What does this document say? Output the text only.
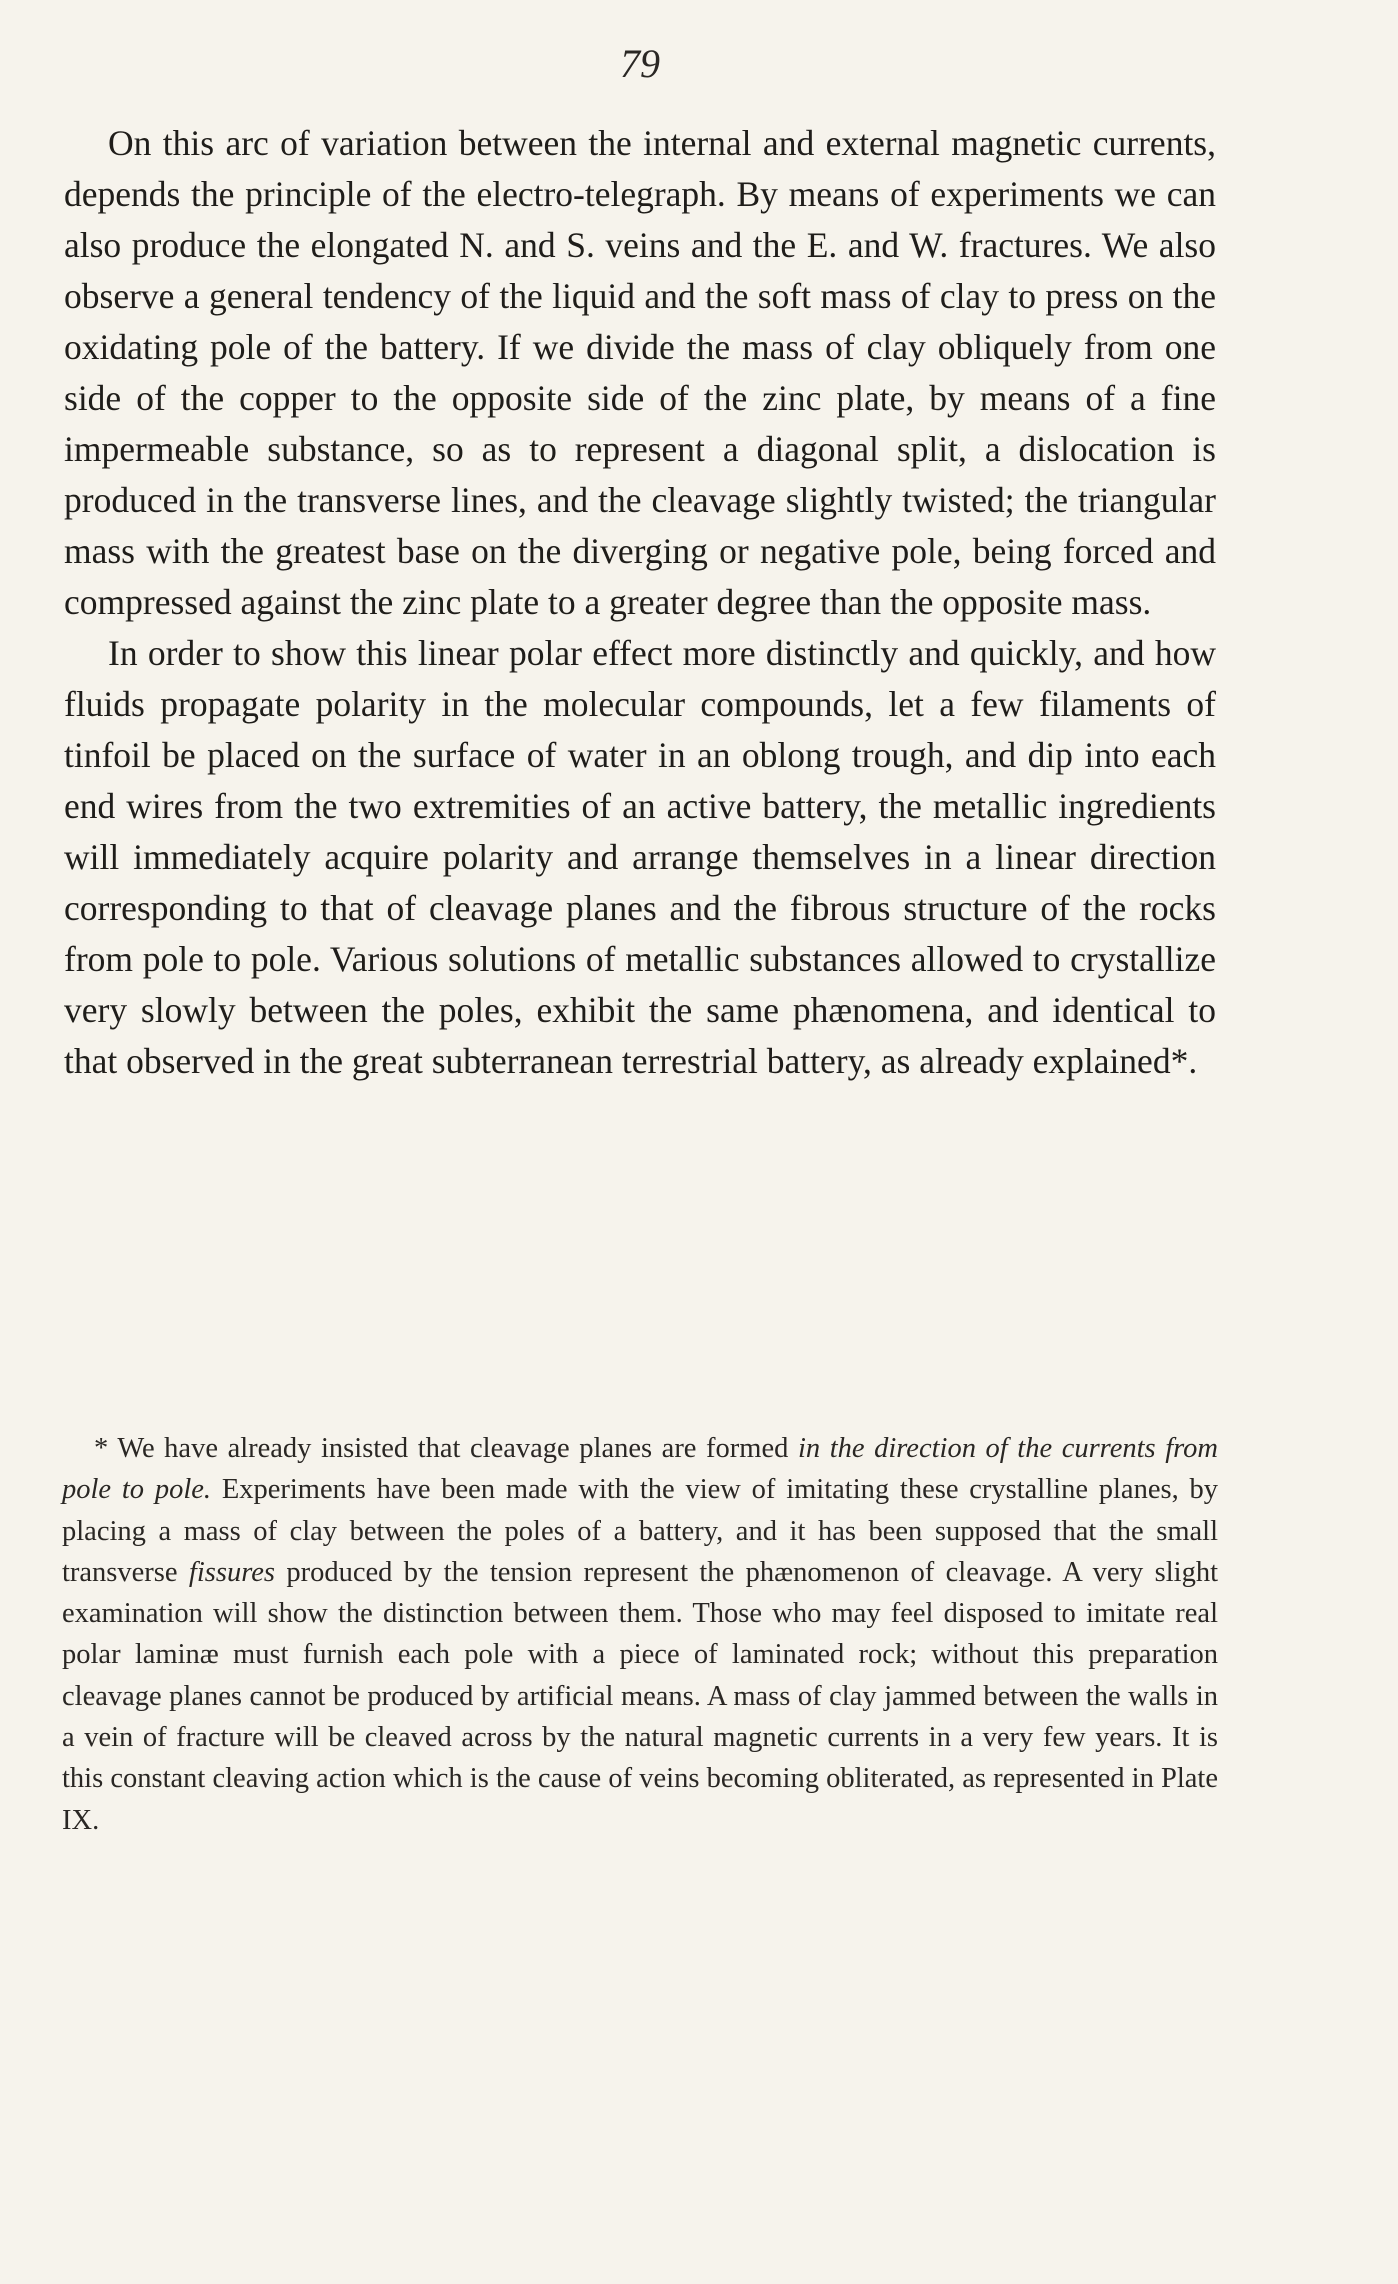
79

On this arc of variation between the internal and external magnetic currents, depends the principle of the electro-telegraph. By means of experiments we can also produce the elongated N. and S. veins and the E. and W. fractures. We also observe a general tendency of the liquid and the soft mass of clay to press on the oxidating pole of the battery. If we divide the mass of clay obliquely from one side of the copper to the opposite side of the zinc plate, by means of a fine impermeable substance, so as to represent a diagonal split, a dislocation is produced in the transverse lines, and the cleavage slightly twisted; the triangular mass with the greatest base on the diverging or negative pole, being forced and compressed against the zinc plate to a greater degree than the opposite mass.

In order to show this linear polar effect more distinctly and quickly, and how fluids propagate polarity in the molecular compounds, let a few filaments of tinfoil be placed on the surface of water in an oblong trough, and dip into each end wires from the two extremities of an active battery, the metallic ingredients will immediately acquire polarity and arrange themselves in a linear direction corresponding to that of cleavage planes and the fibrous structure of the rocks from pole to pole. Various solutions of metallic substances allowed to crystallize very slowly between the poles, exhibit the same phænomena, and identical to that observed in the great subterranean terrestrial battery, as already explained*.

* We have already insisted that cleavage planes are formed in the direction of the currents from pole to pole. Experiments have been made with the view of imitating these crystalline planes, by placing a mass of clay between the poles of a battery, and it has been supposed that the small transverse fissures produced by the tension represent the phænomenon of cleavage. A very slight examination will show the distinction between them. Those who may feel disposed to imitate real polar laminæ must furnish each pole with a piece of laminated rock; without this preparation cleavage planes cannot be produced by artificial means. A mass of clay jammed between the walls in a vein of fracture will be cleaved across by the natural magnetic currents in a very few years. It is this constant cleaving action which is the cause of veins becoming obliterated, as represented in Plate IX.
